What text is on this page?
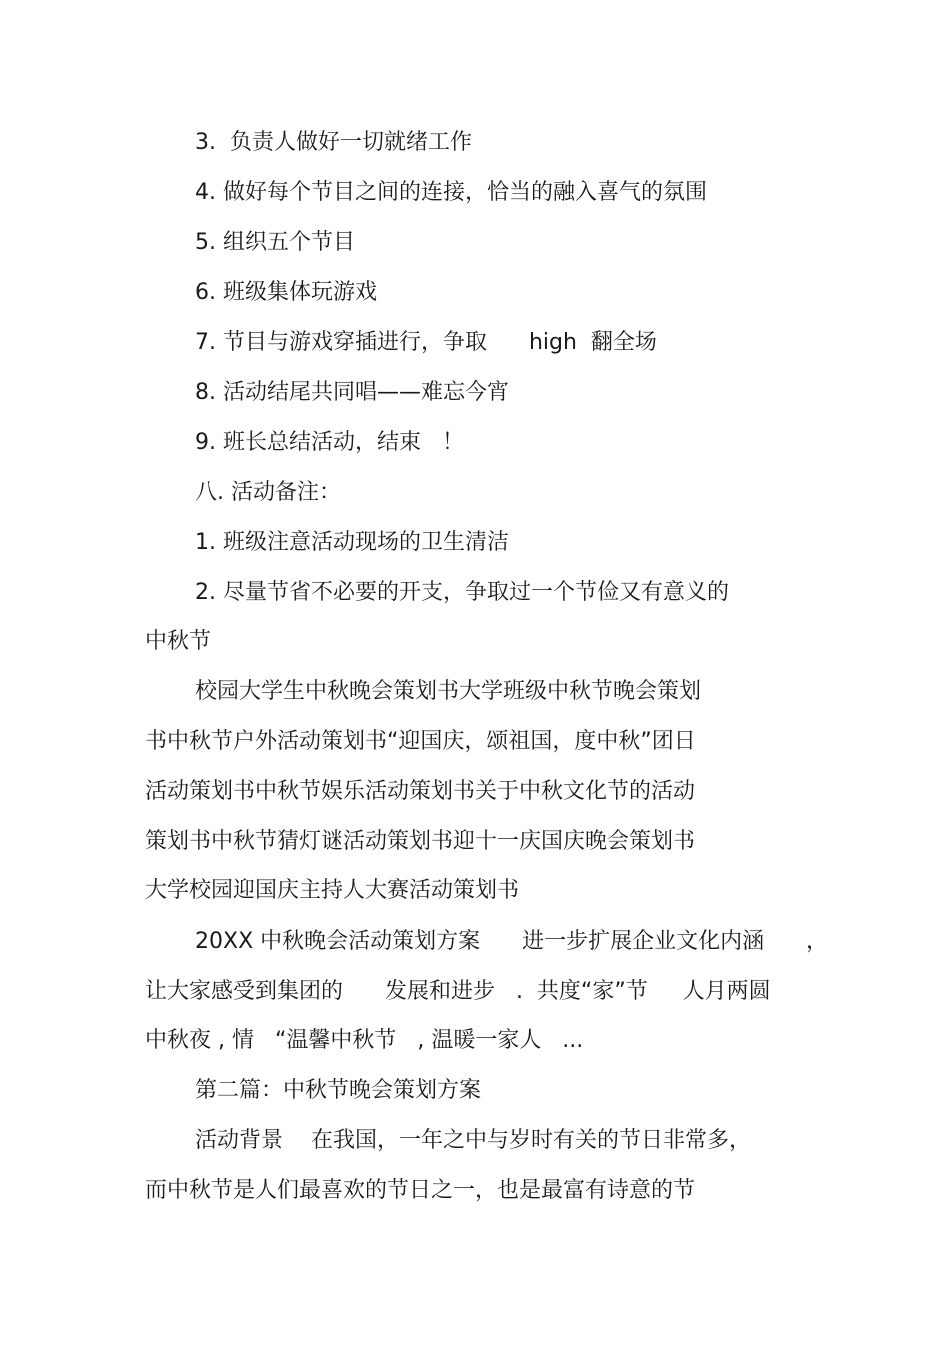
3.  负责人做好一切就绪工作

4. 做好每个节目之间的连接，恰当的融入喜气的氛围

5. 组织五个节目

6. 班级集体玩游戏

7. 节目与游戏穿插进行，争取      high  翻全场

8. 活动结尾共同唱——难忘今宵

9. 班长总结活动，结束   ！

八. 活动备注：

1. 班级注意活动现场的卫生清洁

2. 尽量节省不必要的开支，争取过一个节俭又有意义的

中秋节

校园大学生中秋晚会策划书大学班级中秋节晚会策划

书中秋节户外活动策划书“迎国庆，颂祖国，度中秋”团日

活动策划书中秋节娱乐活动策划书关于中秋文化节的活动

策划书中秋节猜灯谜活动策划书迎十一庆国庆晚会策划书

大学校园迎国庆主持人大赛活动策划书

20XX 中秋晚会活动策划方案      进一步扩展企业文化内涵      ，

让大家感受到集团的      发展和进步   .  共度“家”节     人月两圆

中秋夜 , 情   “温馨中秋节   , 温暖一家人   ...

第二篇：中秋节晚会策划方案

活动背景    在我国，一年之中与岁时有关的节日非常多，

而中秋节是人们最喜欢的节日之一，也是最富有诗意的节
